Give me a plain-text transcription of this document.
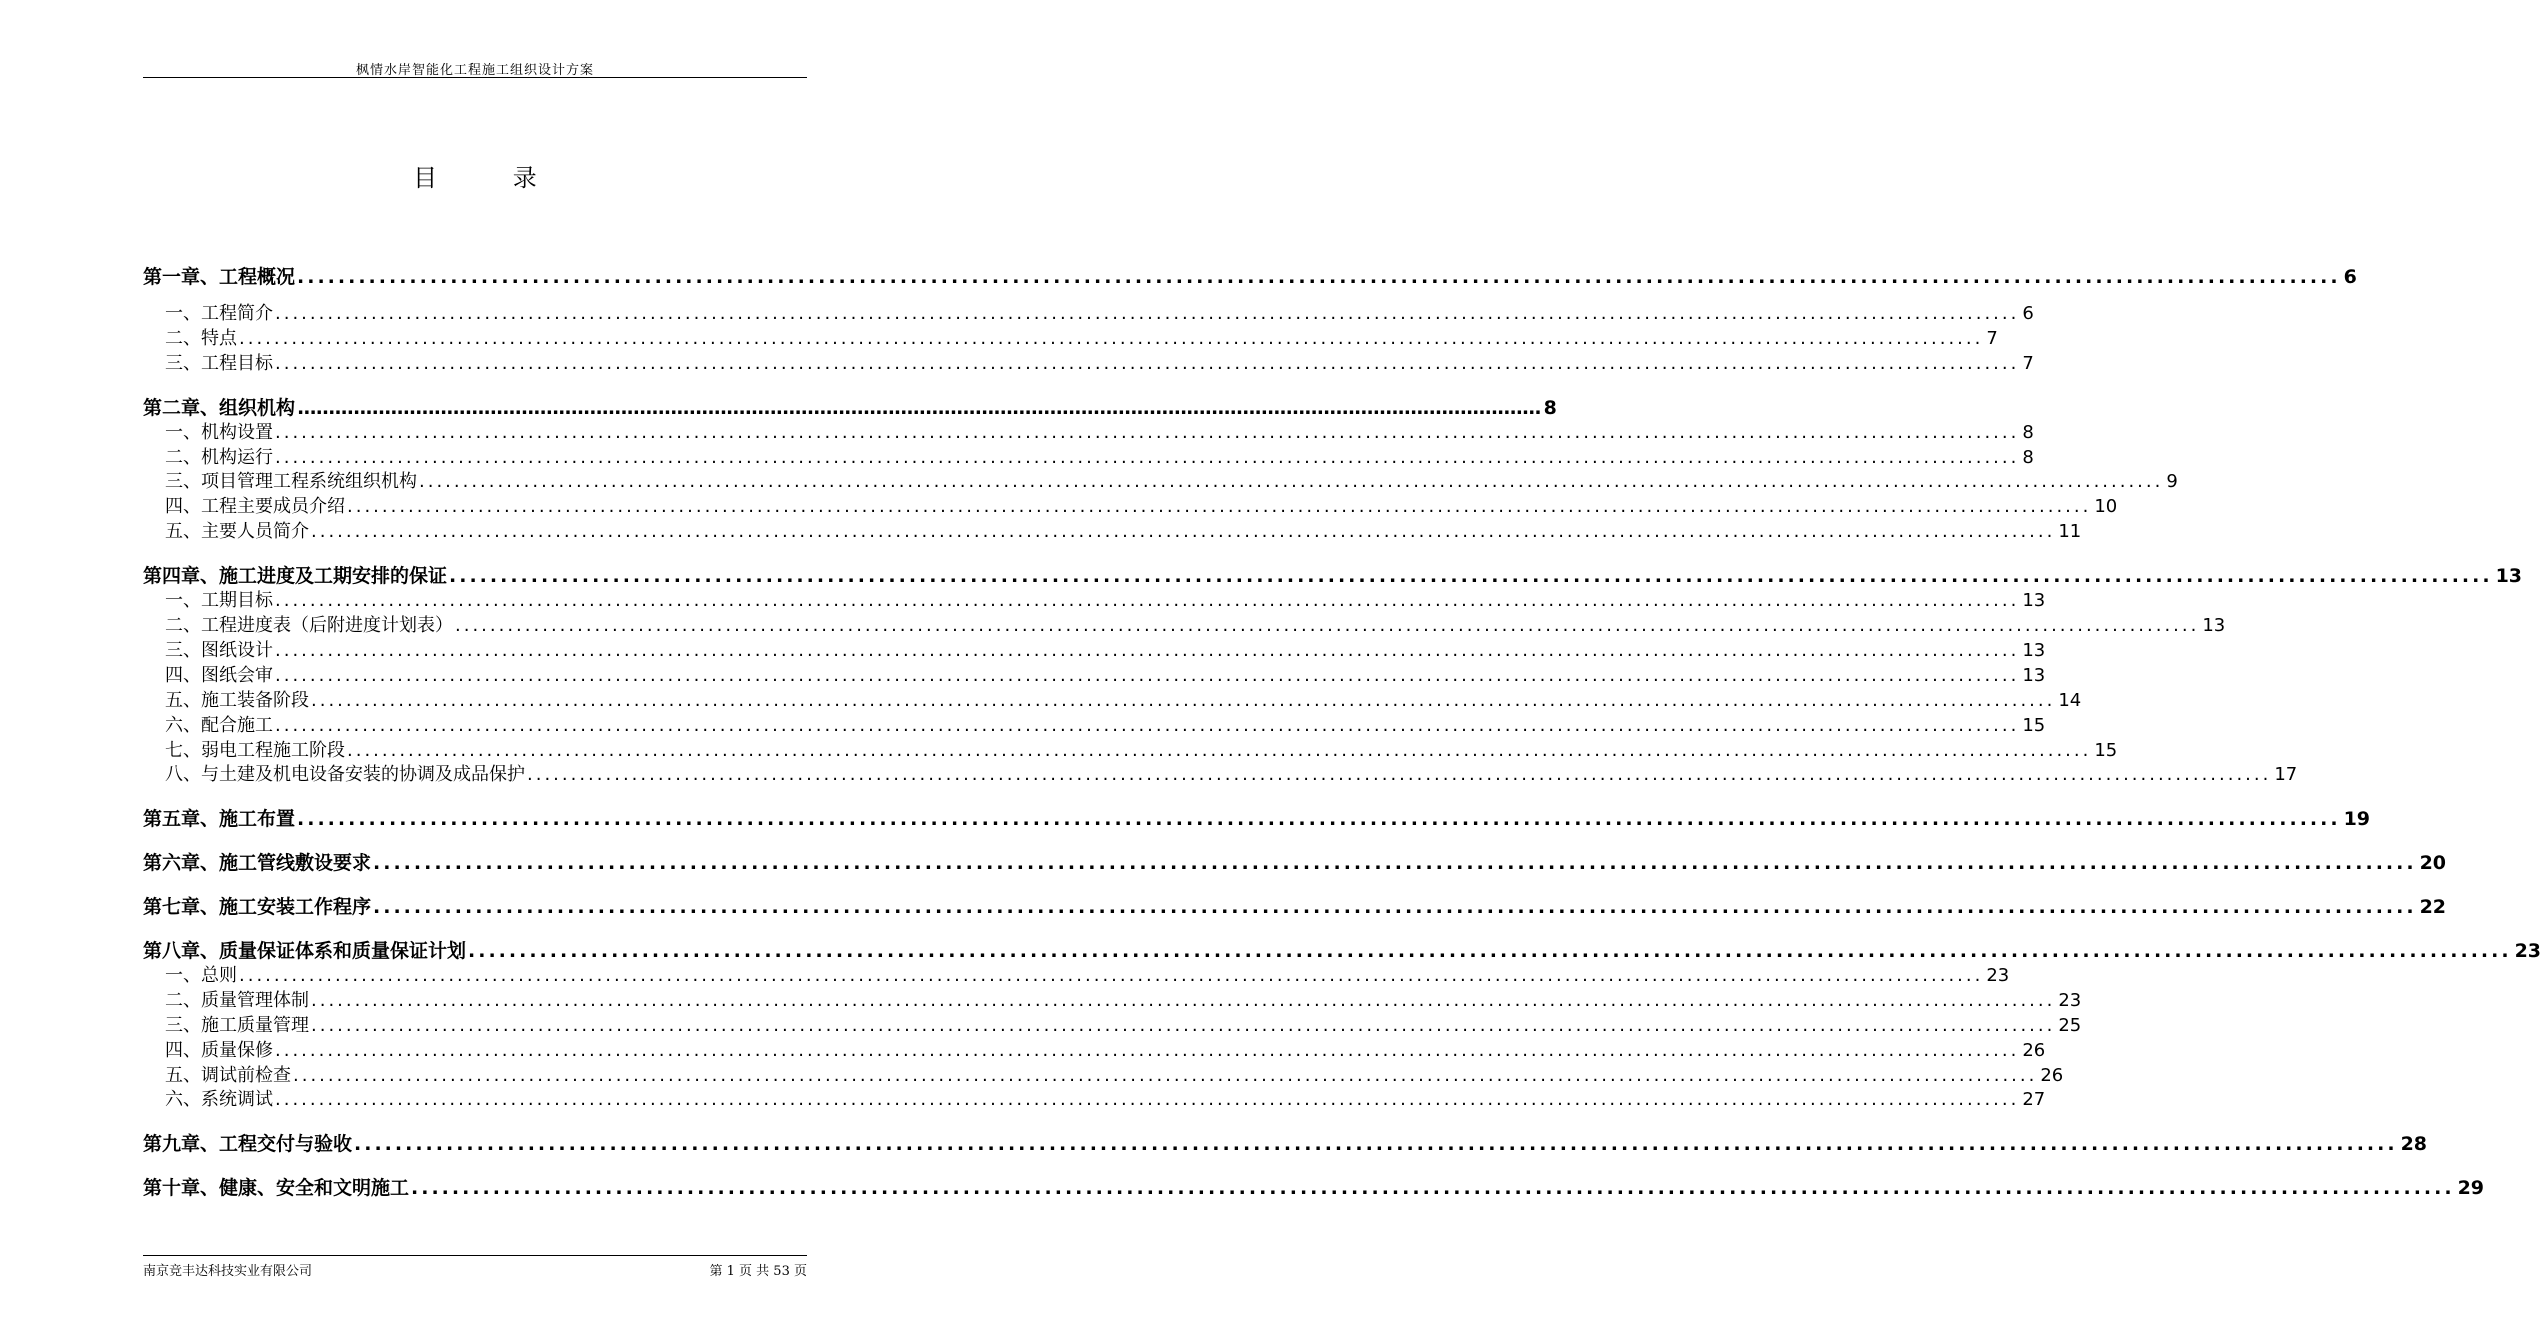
枫情水岸智能化工程施工组织设计方案
目 录
第一章、工程概况 ........................................................................................................................................................................................................ 6
一、工程简介 ........................................................................................................................................................................................................ 6
二、特点 ........................................................................................................................................................................................................ 7
三、工程目标 ........................................................................................................................................................................................................ 7
第二章、组织机构 ........................................................................................................................................................................................................ 8
一、机构设置 ........................................................................................................................................................................................................ 8
二、机构运行 ........................................................................................................................................................................................................ 8
三、项目管理工程系统组织机构 ........................................................................................................................................................................................................ 9
四、工程主要成员介绍 ........................................................................................................................................................................................................ 10
五、主要人员简介 ........................................................................................................................................................................................................ 11
第四章、施工进度及工期安排的保证 ........................................................................................................................................................................................................ 13
一、工期目标 ........................................................................................................................................................................................................ 13
二、工程进度表（后附进度计划表） ........................................................................................................................................................................................................ 13
三、图纸设计 ........................................................................................................................................................................................................ 13
四、图纸会审 ........................................................................................................................................................................................................ 13
五、施工装备阶段 ........................................................................................................................................................................................................ 14
六、配合施工 ........................................................................................................................................................................................................ 15
七、弱电工程施工阶段 ........................................................................................................................................................................................................ 15
八、与土建及机电设备安装的协调及成品保护 ........................................................................................................................................................................................................ 17
第五章、施工布置 ........................................................................................................................................................................................................ 19
第六章、施工管线敷设要求 ........................................................................................................................................................................................................ 20
第七章、施工安装工作程序 ........................................................................................................................................................................................................ 22
第八章、质量保证体系和质量保证计划 ........................................................................................................................................................................................................ 23
一、总则 ........................................................................................................................................................................................................ 23
二、质量管理体制 ........................................................................................................................................................................................................ 23
三、施工质量管理 ........................................................................................................................................................................................................ 25
四、质量保修 ........................................................................................................................................................................................................ 26
五、调试前检查 ........................................................................................................................................................................................................ 26
六、系统调试 ........................................................................................................................................................................................................ 27
第九章、工程交付与验收 ........................................................................................................................................................................................................ 28
第十章、健康、安全和文明施工 ........................................................................................................................................................................................................ 29
南京竞丰达科技实业有限公司	第 1 页 共 53 页
